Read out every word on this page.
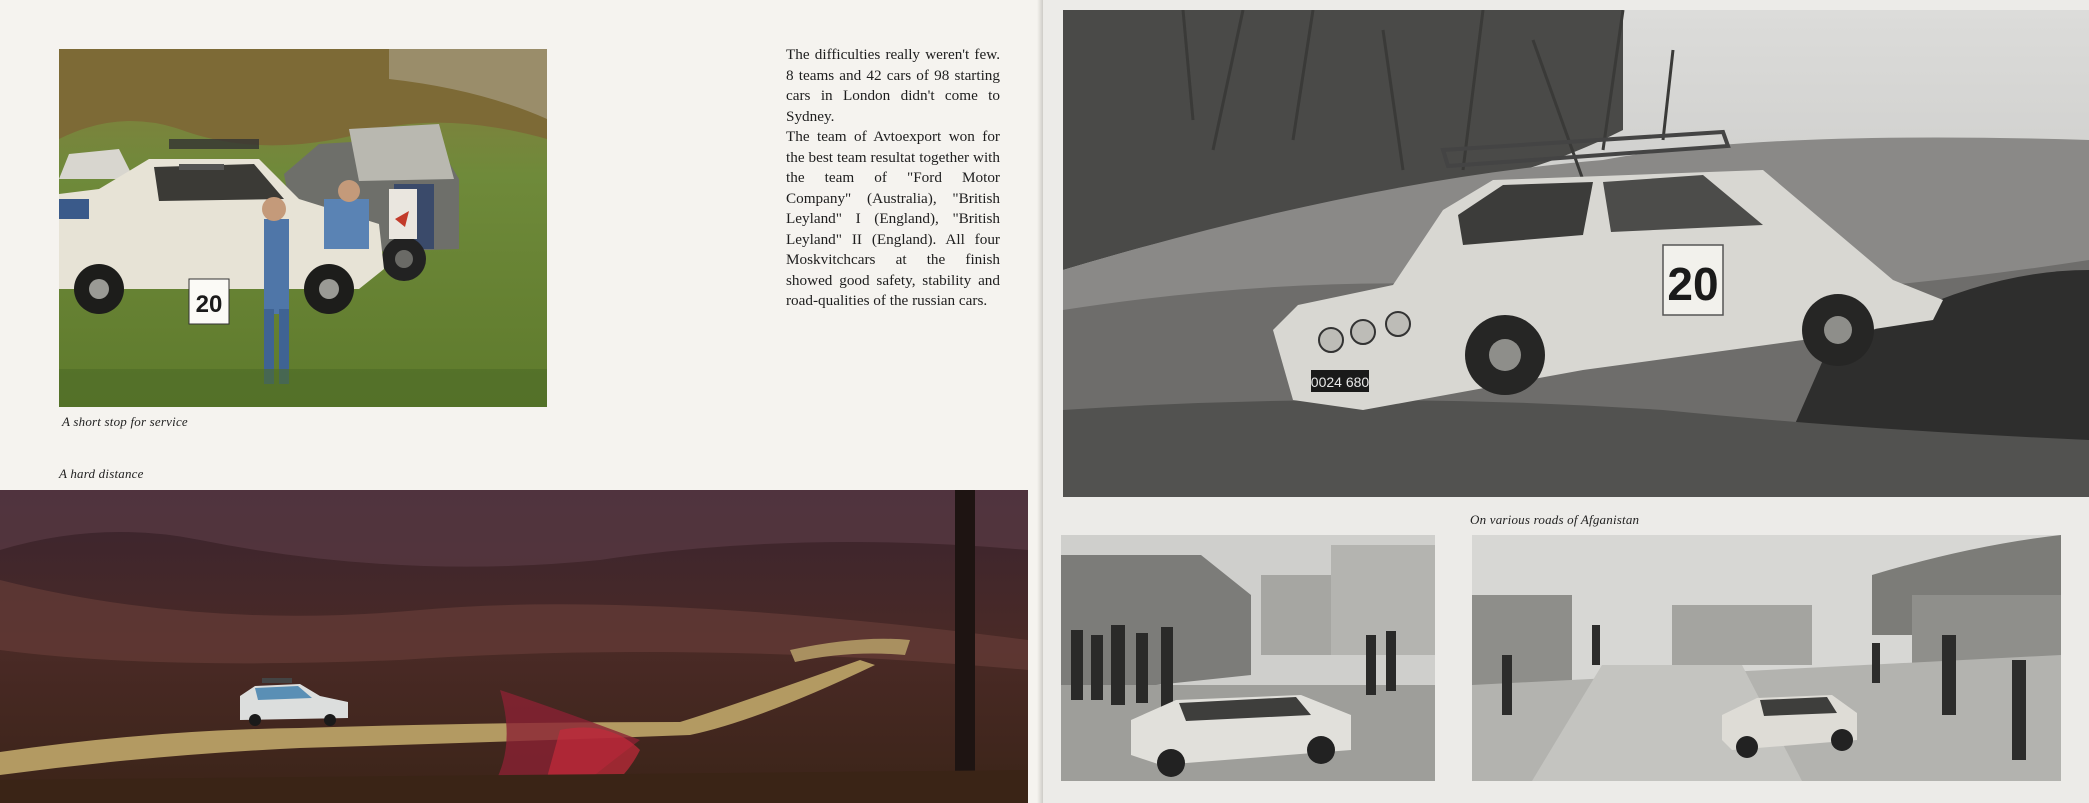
20
A short stop for service
A hard distance

The difficulties really weren't few. 8 teams and 42 cars of 98 starting cars in London didn't come to Sydney.

The team of Avtoexport won for the best team resultat together with the team of "Ford Motor Company" (Australia), "British Leyland" I (England), "British Leyland" II (England). All four Moskvitchcars at the finish showed good safety, stability and road-qualities of the russian cars.	20
0024 680
On various roads of Afganistan
